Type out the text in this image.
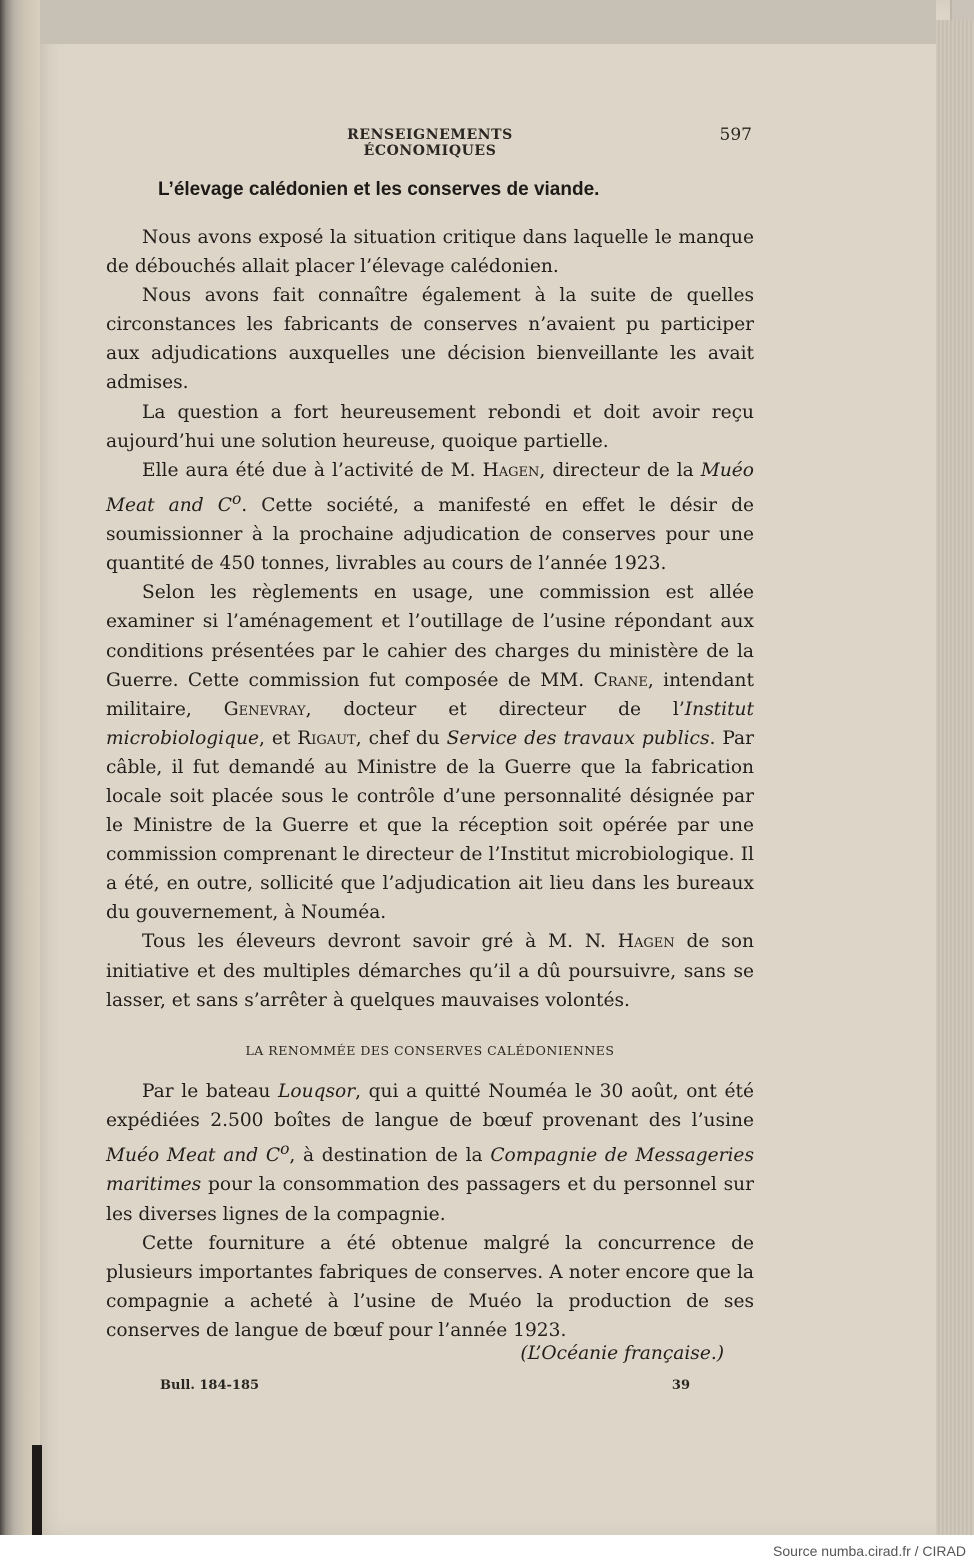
RENSEIGNEMENTS ÉCONOMIQUES
597
L’élevage calédonien et les conserves de viande.

Nous avons exposé la situation critique dans laquelle le manque de débouchés allait placer l’élevage calédonien.

Nous avons fait connaître également à la suite de quelles circonstances les fabricants de conserves n’avaient pu participer aux adjudications auxquelles une décision bienveillante les avait admises.

La question a fort heureusement rebondi et doit avoir reçu aujourd’hui une solution heureuse, quoique partielle.

Elle aura été due à l’activité de M. Hagen, directeur de la Muéo Meat and $C^o$. Cette société, a manifesté en effet le désir de soumissionner à la prochaine adjudication de conserves pour une quantité de 450 tonnes, livrables au cours de l’année 1923.

Selon les règlements en usage, une commission est allée examiner si l’aménagement et l’outillage de l’usine répondant aux conditions présentées par le cahier des charges du ministère de la Guerre. Cette commission fut composée de MM. Crane, intendant militaire, Genevray, docteur et directeur de l’Institut microbiologique, et Rigaut, chef du Service des travaux publics. Par câble, il fut demandé au Ministre de la Guerre que la fabrication locale soit placée sous le contrôle d’une personnalité désignée par le Ministre de la Guerre et que la réception soit opérée par une commission comprenant le directeur de l’Institut microbiologique. Il a été, en outre, sollicité que l’adjudication ait lieu dans les bureaux du gouvernement, à Nouméa.

Tous les éleveurs devront savoir gré à M. N. Hagen de son initiative et des multiples démarches qu’il a dû poursuivre, sans se lasser, et sans s’arrêter à quelques mauvaises volontés.

LA RENOMMÉE DES CONSERVES CALÉDONIENNES

Par le bateau Louqsor, qui a quitté Nouméa le 30 août, ont été expédiées 2.500 boîtes de langue de bœuf provenant des l’usine Muéo Meat and $C^o$, à destination de la Compagnie de Messageries maritimes pour la consommation des passagers et du personnel sur les diverses lignes de la compagnie.

Cette fourniture a été obtenue malgré la concurrence de plusieurs importantes fabriques de conserves. A noter encore que la compagnie a acheté à l’usine de Muéo la production de ses conserves de langue de bœuf pour l’année 1923.

(L’Océanie française.)
Bull. 184-185	39
Source numba.cirad.fr / CIRAD
